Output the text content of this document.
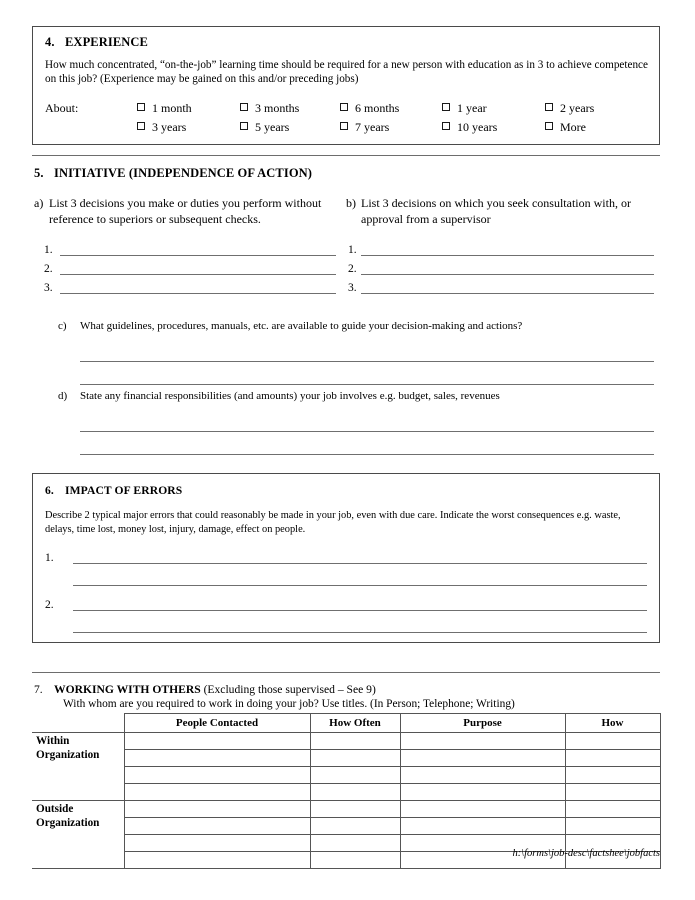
4. EXPERIENCE
How much concentrated, “on-the-job” learning time should be required for a new person with education as in 3 to achieve competence on this job? (Experience may be gained on this and/or preceding jobs)
About:	1 month	3 months	6 months	1 year	2 years
3 years	5 years	7 years	10 years	More
5. INITIATIVE (INDEPENDENCE OF ACTION)
a) List 3 decisions you make or duties you perform without reference to superiors or subsequent checks.
1.
2.
3.
b) List 3 decisions on which you seek consultation with, or approval from a supervisor
1.
2.
3.
c)	What guidelines, procedures, manuals, etc. are available to guide your decision-making and actions?
d)	State any financial responsibilities (and amounts) your job involves e.g. budget, sales, revenues
6. IMPACT OF ERRORS
Describe 2 typical major errors that could reasonably be made in your job, even with due care. Indicate the worst consequences e.g. waste, delays, time lost, money lost, injury, damage, effect on people.
1.
2.
7. WORKING WITH OTHERS (Excluding those supervised – See 9)
With whom are you required to work in doing your job? Use titles. (In Person; Telephone; Writing)
	People Contacted	How Often	Purpose	How
Within
Organization				

Outside
Organization				

h:\forms\job-desc\factshee\jobfacts
